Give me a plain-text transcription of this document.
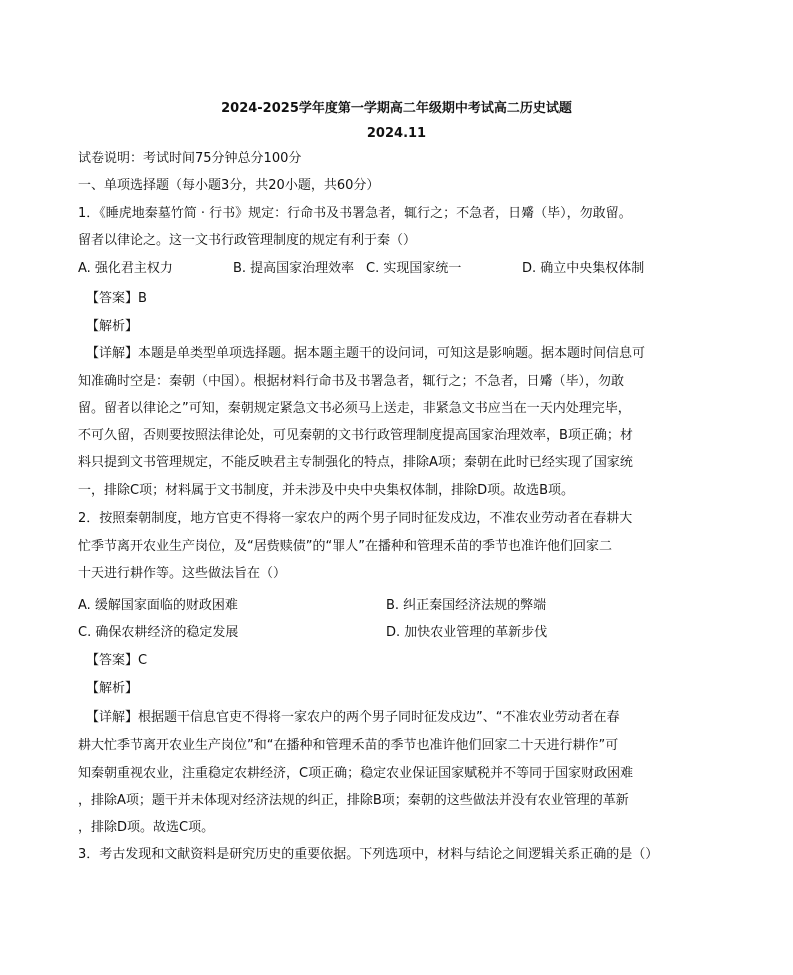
2024-2025学年度第一学期高二年级期中考试高二历史试题
2024.11
试卷说明：考试时间75分钟总分100分
一、单项选择题（每小题3分，共20小题，共60分）
1．《睡虎地秦墓竹简 · 行书》规定：行命书及书署急者，辄行之；不急者，日觱（毕），勿敢留。
留者以律论之。这一文书行政管理制度的规定有利于秦（）
A. 强化君主权力	B. 提高国家治理效率 C. 实现国家统一	D. 确立中央集权体制
【答案】B
【解析】
【详解】本题是单类型单项选择题。据本题主题干的设问词，可知这是影响题。据本题时间信息可
知准确时空是：秦朝（中国）。根据材料行命书及书署急者，辄行之；不急者，日觱（毕），勿敢
留。留者以律论之”可知，秦朝规定紧急文书必须马上送走，非紧急文书应当在一天内处理完毕，
不可久留，否则要按照法律论处，可见秦朝的文书行政管理制度提高国家治理效率，B项正确；材
料只提到文书管理规定，不能反映君主专制强化的特点，排除A项；秦朝在此时已经实现了国家统
一，排除C项；材料属于文书制度，并未涉及中央中央集权体制，排除D项。故选B项。
2．按照秦朝制度，地方官吏不得将一家农户的两个男子同时征发戍边，不准农业劳动者在春耕大
忙季节离开农业生产岗位，及“居赀赎债”的“罪人”在播种和管理禾苗的季节也准许他们回家二
十天进行耕作等。这些做法旨在（）
A. 缓解国家面临的财政困难	B. 纠正秦国经济法规的弊端
C. 确保农耕经济的稳定发展	D. 加快农业管理的革新步伐
【答案】C
【解析】
【详解】根据题干信息官吏不得将一家农户的两个男子同时征发戍边”、“不准农业劳动者在春
耕大忙季节离开农业生产岗位”和“在播种和管理禾苗的季节也准许他们回家二十天进行耕作”可
知秦朝重视农业，注重稳定农耕经济，C项正确；稳定农业保证国家赋税并不等同于国家财政困难
，排除A项；题干并未体现对经济法规的纠正，排除B项；秦朝的这些做法并没有农业管理的革新
，排除D项。故选C项。
3．考古发现和文献资料是研究历史的重要依据。下列选项中，材料与结论之间逻辑关系正确的是（）
